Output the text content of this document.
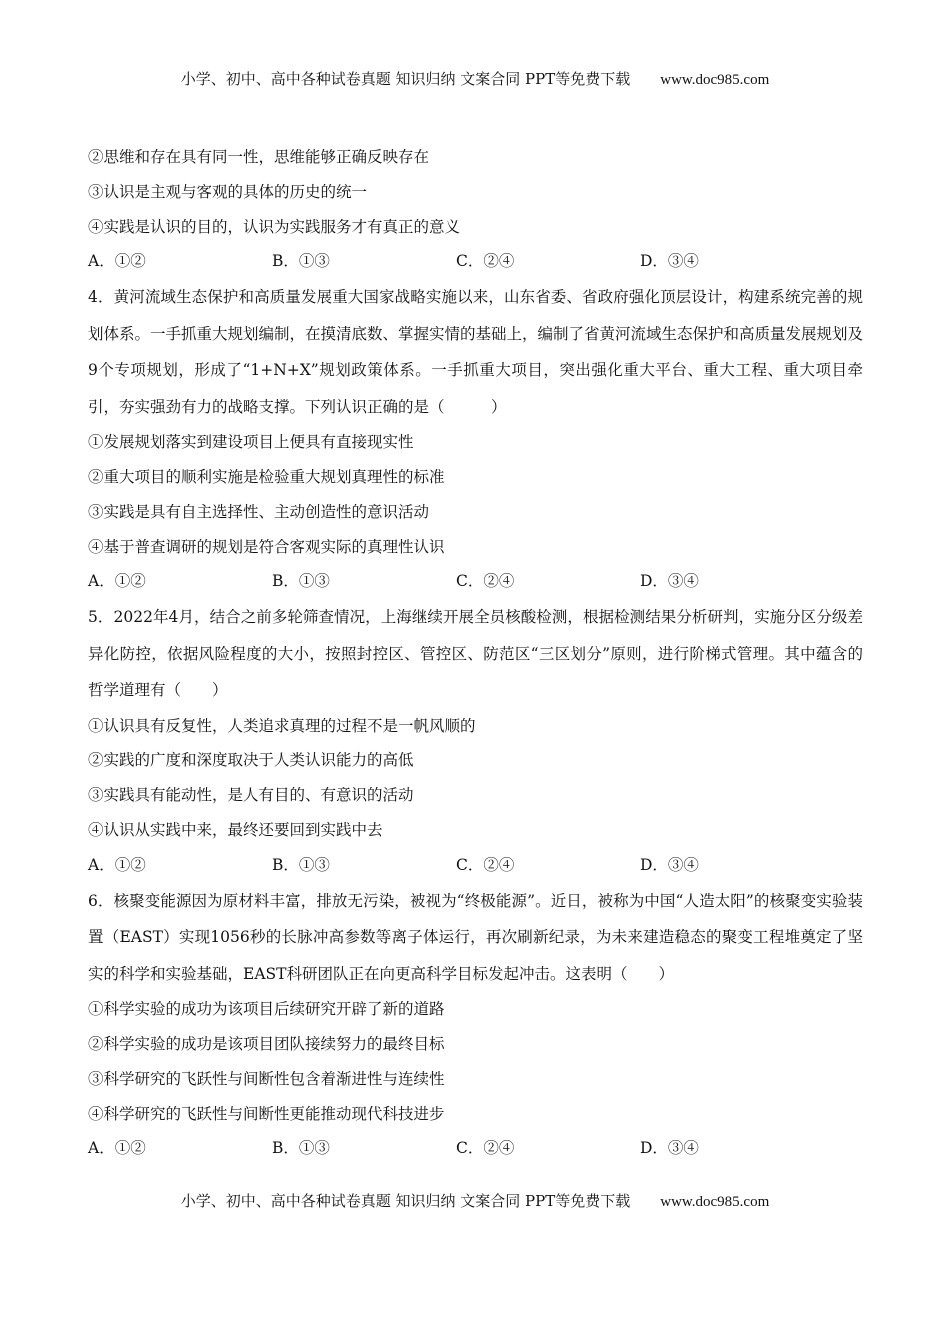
小学、初中、高中各种试卷真题 知识归纳 文案合同 PPT等免费下载 www.doc985.com
②思维和存在具有同一性，思维能够正确反映存在
③认识是主观与客观的具体的历史的统一
④实践是认识的目的，认识为实践服务才有真正的意义
A．①②	B．①③	C．②④	D．③④
4．黄河流域生态保护和高质量发展重大国家战略实施以来，山东省委、省政府强化顶层设计，构建系统完善的规划体系。一手抓重大规划编制，在摸清底数、掌握实情的基础上，编制了省黄河流域生态保护和高质量发展规划及9个专项规划，形成了“1+N+X”规划政策体系。一手抓重大项目，突出强化重大平台、重大工程、重大项目牵引，夯实强劲有力的战略支撑。下列认识正确的是（　　　）
①发展规划落实到建设项目上便具有直接现实性
②重大项目的顺利实施是检验重大规划真理性的标准
③实践是具有自主选择性、主动创造性的意识活动
④基于普查调研的规划是符合客观实际的真理性认识
A．①②	B．①③	C．②④	D．③④
5．2022年4月，结合之前多轮筛查情况，上海继续开展全员核酸检测，根据检测结果分析研判，实施分区分级差异化防控，依据风险程度的大小，按照封控区、管控区、防范区“三区划分”原则，进行阶梯式管理。其中蕴含的哲学道理有（　　）
①认识具有反复性，人类追求真理的过程不是一帆风顺的
②实践的广度和深度取决于人类认识能力的高低
③实践具有能动性，是人有目的、有意识的活动
④认识从实践中来，最终还要回到实践中去
A．①②	B．①③	C．②④	D．③④
6．核聚变能源因为原材料丰富，排放无污染，被视为“终极能源”。近日，被称为中国“人造太阳”的核聚变实验装置（EAST）实现1056秒的长脉冲高参数等离子体运行，再次刷新纪录，为未来建造稳态的聚变工程堆奠定了坚实的科学和实验基础，EAST科研团队正在向更高科学目标发起冲击。这表明（　　）
①科学实验的成功为该项目后续研究开辟了新的道路
②科学实验的成功是该项目团队接续努力的最终目标
③科学研究的飞跃性与间断性包含着渐进性与连续性
④科学研究的飞跃性与间断性更能推动现代科技进步
A．①②	B．①③	C．②④	D．③④
小学、初中、高中各种试卷真题 知识归纳 文案合同 PPT等免费下载 www.doc985.com
